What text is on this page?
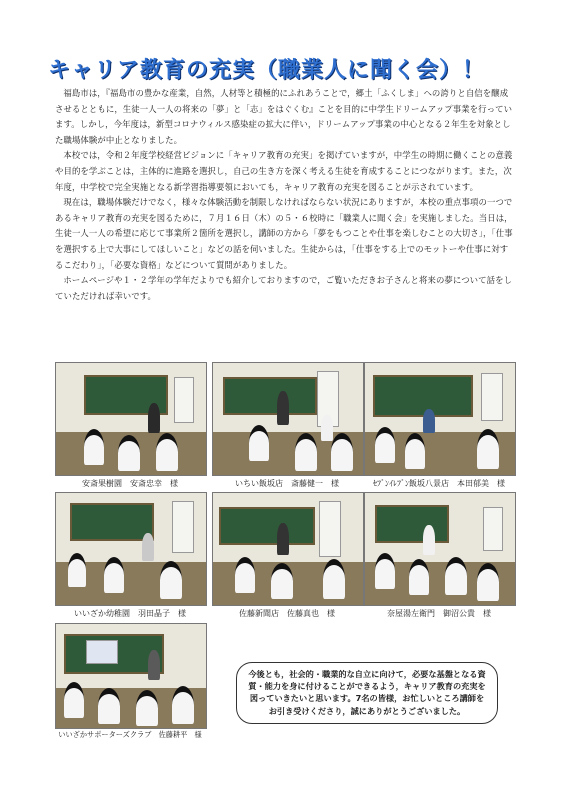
キャリア教育の充実（職業人に聞く会）！

福島市は，『福島市の豊かな産業，自然，人材等と積極的にふれあうことで，郷土「ふくしま」への誇りと自信を醸成させるとともに，生徒一人一人の将来の「夢」と「志」をはぐくむ』ことを目的に中学生ドリームアップ事業を行っています。しかし，今年度は，新型コロナウィルス感染症の拡大に伴い，ドリームアップ事業の中心となる２年生を対象とした職場体験が中止となりました。

本校では，令和２年度学校経営ビジョンに「キャリア教育の充実」を掲げていますが，中学生の時期に働くことの意義や目的を学ぶことは，主体的に進路を選択し，自己の生き方を深く考える生徒を育成することにつながります。また，次年度，中学校で完全実施となる新学習指導要領においても，キャリア教育の充実を図ることが示されています。

現在は，職場体験だけでなく，様々な体験活動を制限しなければならない状況にありますが，本校の重点事項の一つであるキャリア教育の充実を図るために，７月１６日（木）の５・６校時に「職業人に聞く会」を実施しました。当日は，生徒一人一人の希望に応じて事業所２箇所を選択し，講師の方から「夢をもつことや仕事を楽しむことの大切さ」，「仕事を選択する上で大事にしてほしいこと」などの話を伺いました。生徒からは，「仕事をする上でのモットーや仕事に対するこだわり」，「必要な資格」などについて質問がありました。

ホームページや１・２学年の学年だよりでも紹介しておりますので，ご覧いただきお子さんと将来の夢について話をしていただければ幸いです。

安斎果樹園　安斎忠幸　様	いちい飯坂店　斎藤健一　様	ｾﾌﾞﾝｲﾚﾌﾞﾝ飯坂八景店　本田郁美　様
いいざか幼稚園　羽田晶子　様	佐藤新聞店　佐藤真也　様	奈屋湯左衛門　御沼公貴　様
いいざかサポーターズクラブ　佐藤耕平　様
今後とも，社会的・職業的な自立に向けて，必要な基盤となる資質・能力を身に付けることができるよう，キャリア教育の充実を図っていきたいと思います。7名の皆様，お忙しいところ講師をお引き受けくださり，誠にありがとうございました。
